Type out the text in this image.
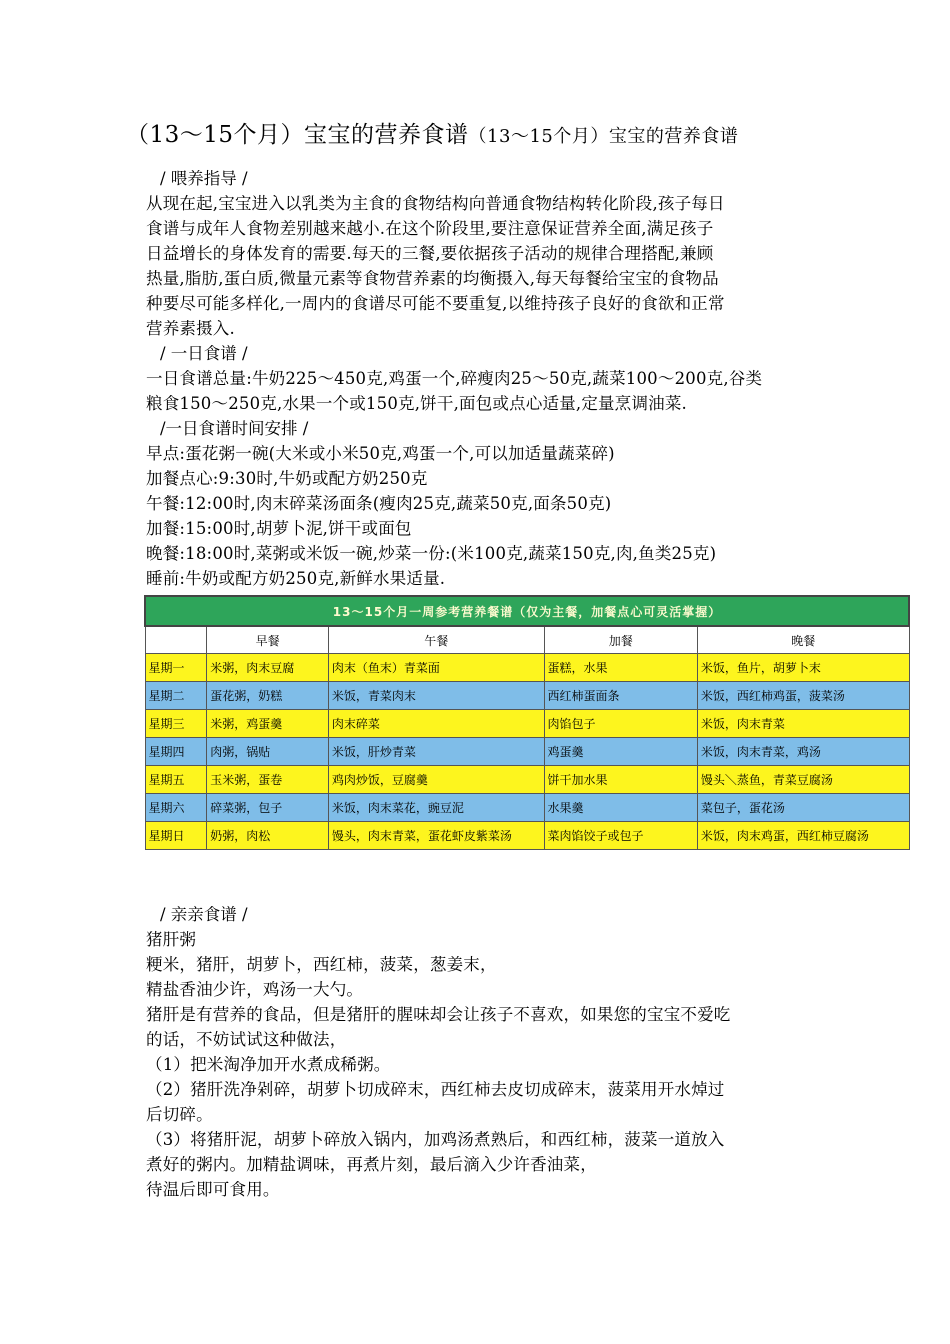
（13～15个月）宝宝的营养食谱（13～15个月）宝宝的营养食谱
/ 喂养指导 /
从现在起,宝宝进入以乳类为主食的食物结构向普通食物结构转化阶段,孩子每日
食谱与成年人食物差别越来越小.在这个阶段里,要注意保证营养全面,满足孩子
日益增长的身体发育的需要.每天的三餐,要依据孩子活动的规律合理搭配,兼顾
热量,脂肪,蛋白质,微量元素等食物营养素的均衡摄入,每天每餐给宝宝的食物品
种要尽可能多样化,一周内的食谱尽可能不要重复,以维持孩子良好的食欲和正常
营养素摄入.
/ 一日食谱 /
一日食谱总量:牛奶225～450克,鸡蛋一个,碎瘦肉25～50克,蔬菜100～200克,谷类
粮食150～250克,水果一个或150克,饼干,面包或点心适量,定量烹调油菜.
/一日食谱时间安排 /
早点:蛋花粥一碗(大米或小米50克,鸡蛋一个,可以加适量蔬菜碎)
加餐点心:9:30时,牛奶或配方奶250克
午餐:12:00时,肉末碎菜汤面条(瘦肉25克,蔬菜50克,面条50克)
加餐:15:00时,胡萝卜泥,饼干或面包
晚餐:18:00时,菜粥或米饭一碗,炒菜一份:(米100克,蔬菜150克,肉,鱼类25克)
睡前:牛奶或配方奶250克,新鲜水果适量.
13～15个月一周参考营养餐谱（仅为主餐，加餐点心可灵活掌握）				
	早餐	午餐	加餐	晚餐
星期一	米粥，肉末豆腐	肉末（鱼末）青菜面	蛋糕，水果	米饭，鱼片，胡萝卜末
星期二	蛋花粥，奶糕	米饭，青菜肉末	西红柿蛋面条	米饭，西红柿鸡蛋，菠菜汤
星期三	米粥，鸡蛋羹	肉末碎菜	肉馅包子	米饭，肉末青菜
星期四	肉粥，锅贴	米饭，肝炒青菜	鸡蛋羹	米饭，肉末青菜，鸡汤
星期五	玉米粥，蛋卷	鸡肉炒饭，豆腐羹	饼干加水果	馒头＼蒸鱼，青菜豆腐汤
星期六	碎菜粥，包子	米饭，肉末菜花，豌豆泥	水果羹	菜包子，蛋花汤
星期日	奶粥，肉松	馒头，肉末青菜，蛋花虾皮紫菜汤	菜肉馅饺子或包子	米饭，肉末鸡蛋，西红柿豆腐汤
/ 亲亲食谱 /
猪肝粥
粳米，猪肝，胡萝卜，西红柿，菠菜，葱姜末，
精盐香油少许，鸡汤一大勺。
猪肝是有营养的食品，但是猪肝的腥味却会让孩子不喜欢，如果您的宝宝不爱吃
的话，不妨试试这种做法，
（1）把米淘净加开水煮成稀粥。
（2）猪肝洗净剁碎，胡萝卜切成碎末，西红柿去皮切成碎末，菠菜用开水焯过
后切碎。
（3）将猪肝泥，胡萝卜碎放入锅内，加鸡汤煮熟后，和西红柿，菠菜一道放入
煮好的粥内。加精盐调味，再煮片刻，最后滴入少许香油菜，
待温后即可食用。
